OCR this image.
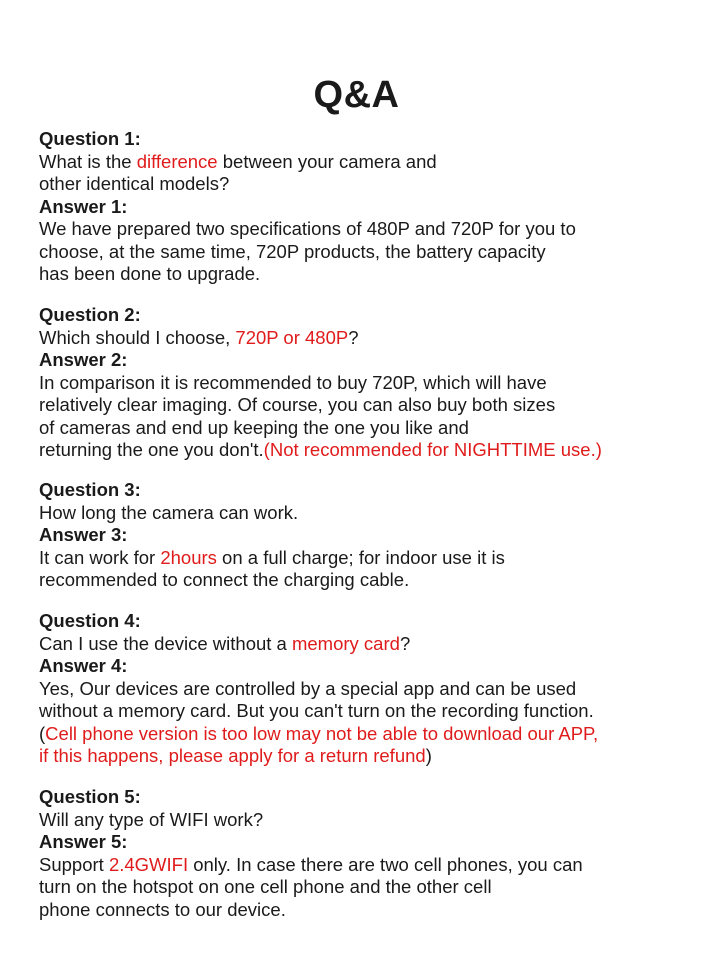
Q&A
Question 1:
What is the difference between your camera and
other identical models?
Answer 1:
We have prepared two specifications of 480P and 720P for you to
choose, at the same time, 720P products, the battery capacity
has been done to upgrade.
Question 2:
Which should I choose, 720P or 480P?
Answer 2:
In comparison it is recommended to buy 720P, which will have
relatively clear imaging. Of course, you can also buy both sizes
of cameras and end up keeping the one you like and
returning the one you don't.(Not recommended for NIGHTTIME use.)
Question 3:
How long the camera can work.
Answer 3:
It can work for 2hours on a full charge; for indoor use it is
recommended to connect the charging cable.
Question 4:
Can I use the device without a memory card?
Answer 4:
Yes, Our devices are controlled by a special app and can be used
without a memory card. But you can't turn on the recording function.
(Cell phone version is too low may not be able to download our APP,
if this happens, please apply for a return refund)
Question 5:
Will any type of WIFI work?
Answer 5:
Support 2.4GWIFI only. In case there are two cell phones, you can
turn on the hotspot on one cell phone and the other cell
phone connects to our device.
